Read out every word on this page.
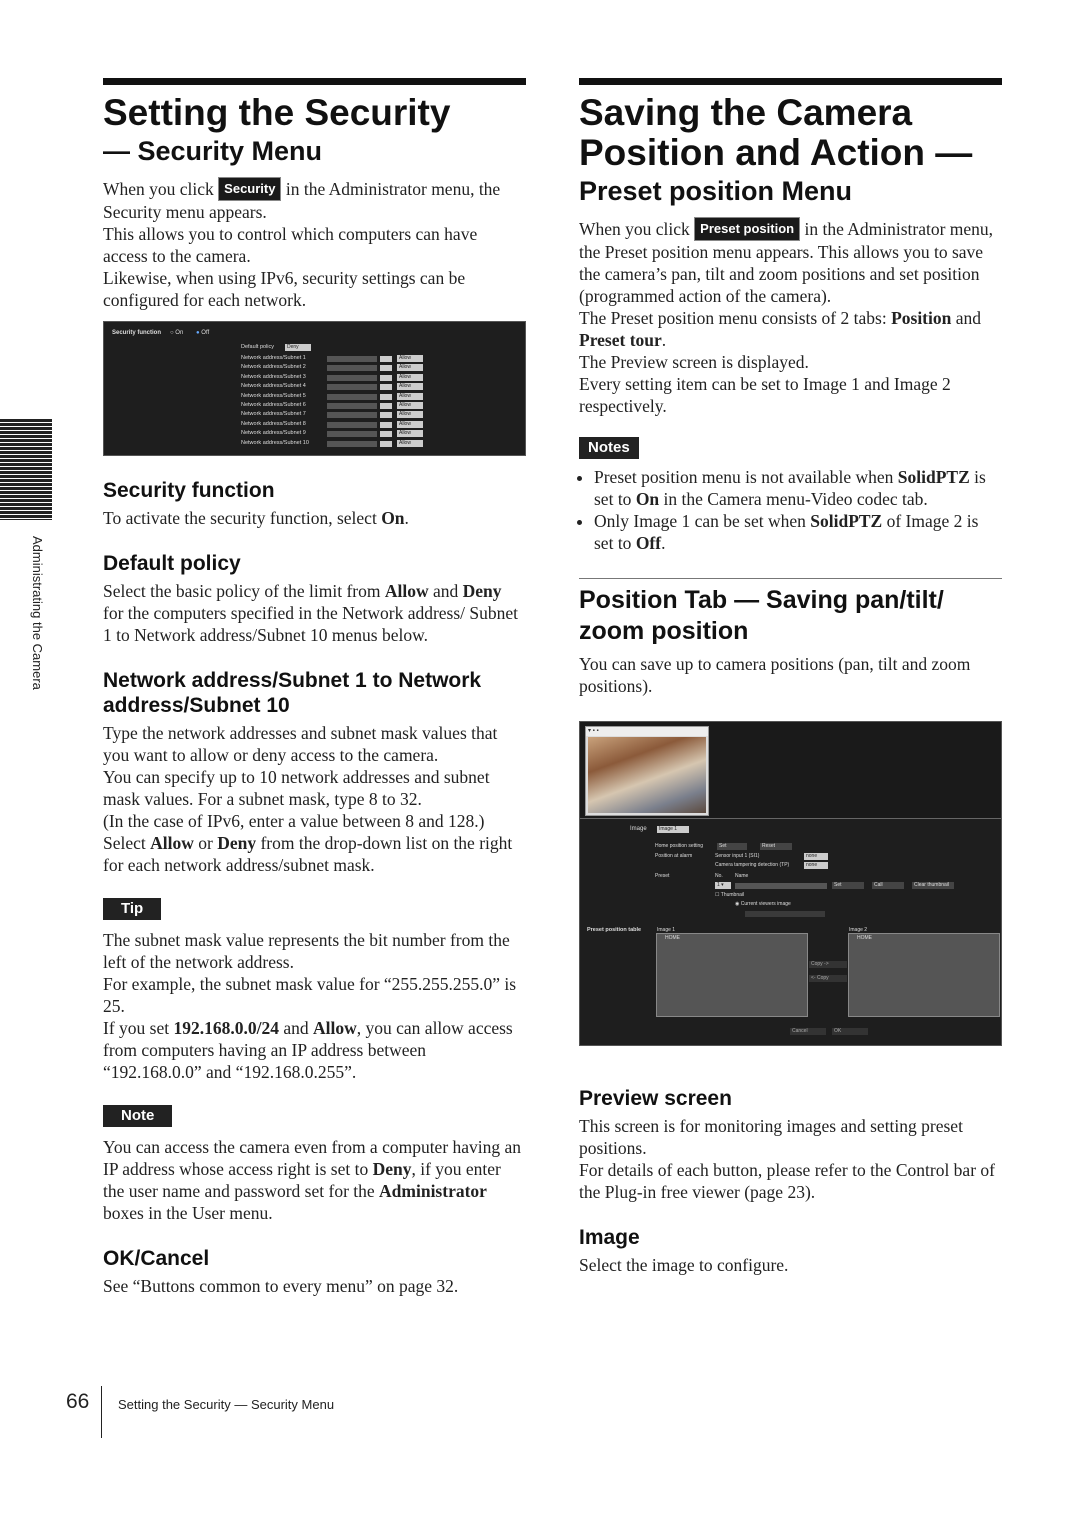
Administrating the Camera
Setting the Security
— Security Menu

When you click Security in the Administrator menu, the Security menu appears.

This allows you to control which computers can have access to the camera.

Likewise, when using IPv6, security settings can be configured for each network.

Security function ○ On ● Off
Default policy	Deny
Network address/Subnet 1	Allow
Network address/Subnet 2	Allow
Network address/Subnet 3	Allow
Network address/Subnet 4	Allow
Network address/Subnet 5	Allow
Network address/Subnet 6	Allow
Network address/Subnet 7	Allow
Network address/Subnet 8	Allow
Network address/Subnet 9	Allow
Network address/Subnet 10	Allow
Security function

To activate the security function, select On.

Default policy

Select the basic policy of the limit from Allow and Deny for the computers specified in the Network address/ Subnet 1 to Network address/Subnet 10 menus below.

Network address/Subnet 1 to Network address/Subnet 10

Type the network addresses and subnet mask values that you want to allow or deny access to the camera.

You can specify up to 10 network addresses and subnet mask values. For a subnet mask, type 8 to 32.

(In the case of IPv6, enter a value between 8 and 128.)

Select Allow or Deny from the drop-down list on the right for each network address/subnet mask.

Tip

The subnet mask value represents the bit number from the left of the network address.

For example, the subnet mask value for “255.255.255.0” is 25.

If you set 192.168.0.0/24 and Allow, you can allow access from computers having an IP address between “192.168.0.0” and “192.168.0.255”.

Note

You can access the camera even from a computer having an IP address whose access right is set to Deny, if you enter the user name and password set for the Administrator boxes in the User menu.

OK/Cancel

See “Buttons common to every menu” on page 32.

Saving the Camera
Position and Action —
Preset position Menu

When you click Preset position in the Administrator menu, the Preset position menu appears. This allows you to save the camera’s pan, tilt and zoom positions and set position (programmed action of the camera).

The Preset position menu consists of 2 tabs: Position and Preset tour.

The Preview screen is displayed.

Every setting item can be set to Image 1 and Image 2 respectively.

Notes
• Preset position menu is not available when SolidPTZ is set to On in the Camera menu-Video codec tab.
• Only Image 1 can be set when SolidPTZ of Image 2 is set to Off.
Position Tab — Saving pan/tilt/ zoom position

You can save up to camera positions (pan, tilt and zoom positions).

▾ ▪ ▪
Image	Image 1
Home position setting	Set	Reset
Position at alarm	Sensor input 1 (SI1)	none
Camera tampering detection (TP)	none
Preset	No. Name
1 ▾	Set	Call	Clear thumbnail
☐ Thumbnail
◉ Current viewers image
Preset position table	Image 1
HOME
Copy ->
<- Copy
Image 2
HOME
Cancel	OK
Preview screen

This screen is for monitoring images and setting preset positions.

For details of each button, please refer to the Control bar of the Plug-in free viewer (page 23).

Image

Select the image to configure.

66 Setting the Security — Security Menu
